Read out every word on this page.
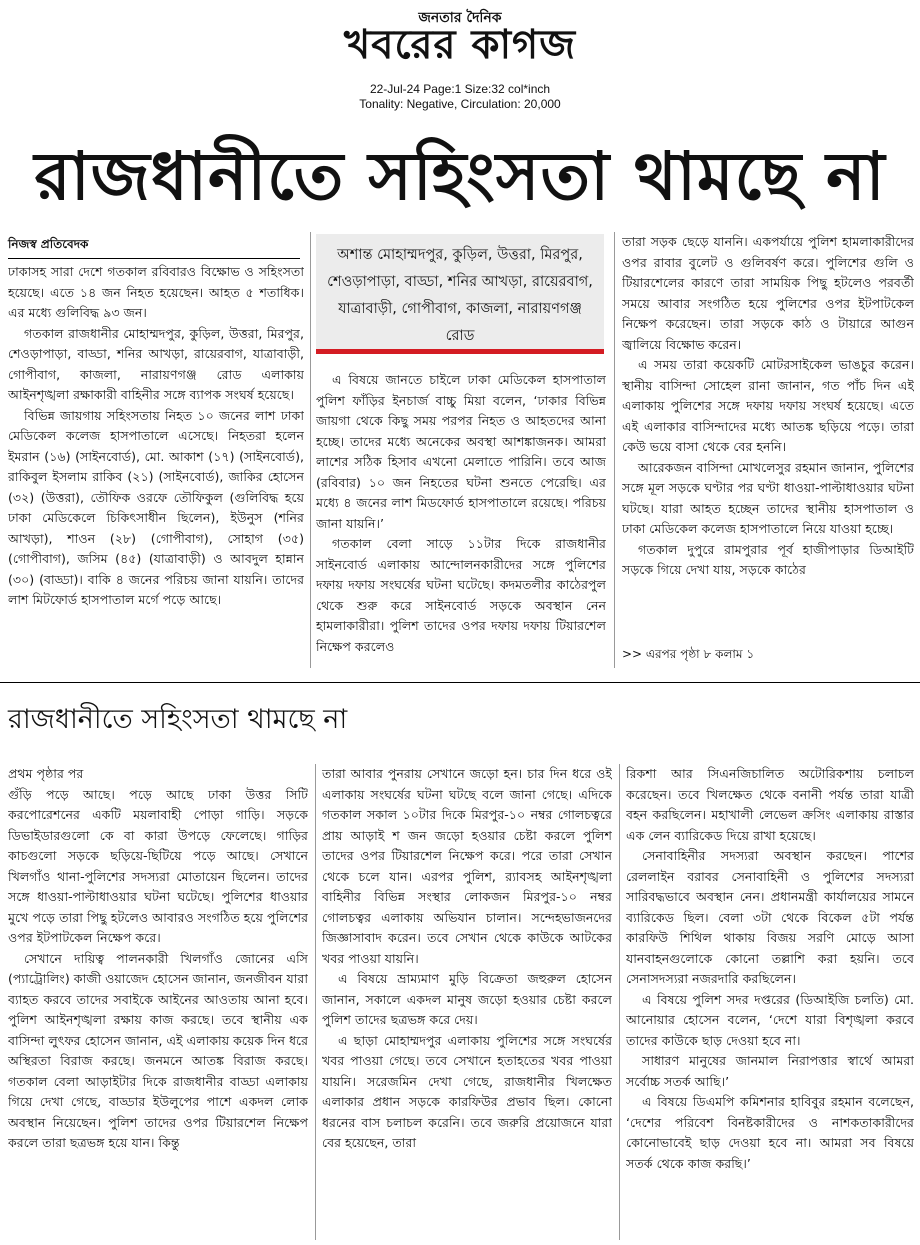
জনতার দৈনিক
খবরের কাগজ
22-Jul-24 Page:1 Size:32 col*inch
Tonality: Negative, Circulation: 20,000
রাজধানীতে সহিংসতা থামছে না
নিজস্ব প্রতিবেদক

ঢাকাসহ সারা দেশে গতকাল রবিবারও বিক্ষোভ ও সহিংসতা হয়েছে। এতে ১৪ জন নিহত হয়েছেন। আহত ৫ শতাধিক। এর মধ্যে গুলিবিদ্ধ ৯৩ জন।

গতকাল রাজধানীর মোহাম্মদপুর, কুড়িল, উত্তরা, মিরপুর, শেওড়াপাড়া, বাড্ডা, শনির আখড়া, রায়েরবাগ, যাত্রাবাড়ী, গোপীবাগ, কাজলা, নারায়ণগঞ্জ রোড এলাকায় আইনশৃঙ্খলা রক্ষাকারী বাহিনীর সঙ্গে ব্যাপক সংঘর্ষ হয়েছে।

বিভিন্ন জায়গায় সহিংসতায় নিহত ১০ জনের লাশ ঢাকা মেডিকেল কলেজ হাসপাতালে এসেছে। নিহতরা হলেন ইমরান (১৬) (সাইনবোর্ড), মো. আকাশ (১৭) (সাইনবোর্ড), রাকিবুল ইসলাম রাকিব (২১) (সাইনবোর্ড), জাকির হোসেন (৩২) (উত্তরা), তৌফিক ওরফে তৌফিকুল (গুলিবিদ্ধ হয়ে ঢাকা মেডিকেলে চিকিৎসাধীন ছিলেন), ইউনুস (শনির আখড়া), শাওন (২৮) (গোপীবাগ), সোহাগ (৩৫) (গোপীবাগ), জসিম (৪৫) (যাত্রাবাড়ী) ও আবদুল হান্নান (৩০) (বাড্ডা)। বাকি ৪ জনের পরিচয় জানা যায়নি। তাদের লাশ মিটফোর্ড হাসপাতাল মর্গে পড়ে আছে।

অশান্ত মোহাম্মদপুর, কুড়িল, উত্তরা, মিরপুর, শেওড়াপাড়া, বাড্ডা, শনির আখড়া, রায়েরবাগ, যাত্রাবাড়ী, গোপীবাগ, কাজলা, নারায়ণগঞ্জ রোড

এ বিষয়ে জানতে চাইলে ঢাকা মেডিকেল হাসপাতাল পুলিশ ফাঁড়ির ইনচার্জ বাচ্চু মিয়া বলেন, ‘ঢাকার বিভিন্ন জায়গা থেকে কিছু সময় পরপর নিহত ও আহতদের আনা হচ্ছে। তাদের মধ্যে অনেকের অবস্থা আশঙ্কাজনক। আমরা লাশের সঠিক হিসাব এখনো মেলাতে পারিনি। তবে আজ (রবিবার) ১০ জন নিহতের ঘটনা শুনতে পেরেছি। এর মধ্যে ৪ জনের লাশ মিডফোর্ড হাসপাতালে রয়েছে। পরিচয় জানা যায়নি।’

গতকাল বেলা সাড়ে ১১টার দিকে রাজধানীর সাইনবোর্ড এলাকায় আন্দোলনকারীদের সঙ্গে পুলিশের দফায় দফায় সংঘর্ষের ঘটনা ঘটেছে। কদমতলীর কাঠেরপুল থেকে শুরু করে সাইনবোর্ড সড়কে অবস্থান নেন হামলাকারীরা। পুলিশ তাদের ওপর দফায় দফায় টিয়ারশেল নিক্ষেপ করলেও

তারা সড়ক ছেড়ে যাননি। একপর্যায়ে পুলিশ হামলাকারীদের ওপর রাবার বুলেট ও গুলিবর্ষণ করে। পুলিশের গুলি ও টিয়ারশেলের কারণে তারা সাময়িক পিছু হটলেও পরবর্তী সময়ে আবার সংগঠিত হয়ে পুলিশের ওপর ইটপাটকেল নিক্ষেপ করেছেন। তারা সড়কে কাঠ ও টায়ারে আগুন জ্বালিয়ে বিক্ষোভ করেন।

এ সময় তারা কয়েকটি মোটরসাইকেল ভাঙচুর করেন। স্থানীয় বাসিন্দা সোহেল রানা জানান, গত পাঁচ দিন এই এলাকায় পুলিশের সঙ্গে দফায় দফায় সংঘর্ষ হয়েছে। এতে এই এলাকার বাসিন্দাদের মধ্যে আতঙ্ক ছড়িয়ে পড়ে। তারা কেউ ভয়ে বাসা থেকে বের হননি।

আরেকজন বাসিন্দা মোখলেসুর রহমান জানান, পুলিশের সঙ্গে মূল সড়কে ঘণ্টার পর ঘণ্টা ধাওয়া-পাল্টাধাওয়ার ঘটনা ঘটছে। যারা আহত হচ্ছেন তাদের স্থানীয় হাসপাতাল ও ঢাকা মেডিকেল কলেজ হাসপাতালে নিয়ে যাওয়া হচ্ছে।

গতকাল দুপুরে রামপুরার পূর্ব হাজীপাড়ার ডিআইটি সড়কে গিয়ে দেখা যায়, সড়কে কাঠের

>> এরপর পৃষ্ঠা ৮ কলাম ১
রাজধানীতে সহিংসতা থামছে না

প্রথম পৃষ্ঠার পর

গুঁড়ি পড়ে আছে। পড়ে আছে ঢাকা উত্তর সিটি করপোরেশনের একটি ময়লাবাহী পোড়া গাড়ি। সড়কে ডিভাইডারগুলো কে বা কারা উপড়ে ফেলেছে। গাড়ির কাচগুলো সড়কে ছড়িয়ে-ছিটিয়ে পড়ে আছে। সেখানে খিলগাঁও থানা-পুলিশের সদস্যরা মোতায়েন ছিলেন। তাদের সঙ্গে ধাওয়া-পাল্টাধাওয়ার ঘটনা ঘটেছে। পুলিশের ধাওয়ার মুখে পড়ে তারা পিছু হটলেও আবারও সংগঠিত হয়ে পুলিশের ওপর ইটপাটকেল নিক্ষেপ করে।

সেখানে দায়িত্ব পালনকারী খিলগাঁও জোনের এসি (প্যাট্রোলিং) কাজী ওয়াজেদ হোসেন জানান, জনজীবন যারা ব্যাহত করবে তাদের সবাইকে আইনের আওতায় আনা হবে। পুলিশ আইনশৃঙ্খলা রক্ষায় কাজ করছে। তবে স্থানীয় এক বাসিন্দা লুৎফর হোসেন জানান, এই এলাকায় কয়েক দিন ধরে অস্থিরতা বিরাজ করছে। জনমনে আতঙ্ক বিরাজ করছে। গতকাল বেলা আড়াইটার দিকে রাজধানীর বাড্ডা এলাকায় গিয়ে দেখা গেছে, বাড্ডার ইউলুপের পাশে একদল লোক অবস্থান নিয়েছেন। পুলিশ তাদের ওপর টিয়ারশেল নিক্ষেপ করলে তারা ছত্রভঙ্গ হয়ে যান। কিন্তু

তারা আবার পুনরায় সেখানে জড়ো হন। চার দিন ধরে ওই এলাকায় সংঘর্ষের ঘটনা ঘটছে বলে জানা গেছে। এদিকে গতকাল সকাল ১০টার দিকে মিরপুর-১০ নম্বর গোলচত্বরে প্রায় আড়াই শ জন জড়ো হওয়ার চেষ্টা করলে পুলিশ তাদের ওপর টিয়ারশেল নিক্ষেপ করে। পরে তারা সেখান থেকে চলে যান। এরপর পুলিশ, র‍্যাবসহ আইনশৃঙ্খলা বাহিনীর বিভিন্ন সংস্থার লোকজন মিরপুর-১০ নম্বর গোলচত্বর এলাকায় অভিযান চালান। সন্দেহভাজনদের জিজ্ঞাসাবাদ করেন। তবে সেখান থেকে কাউকে আটকের খবর পাওয়া যায়নি।

এ বিষয়ে ভ্রাম্যমাণ মুড়ি বিক্রেতা জহুরুল হোসেন জানান, সকালে একদল মানুষ জড়ো হওয়ার চেষ্টা করলে পুলিশ তাদের ছত্রভঙ্গ করে দেয়।

এ ছাড়া মোহাম্মদপুর এলাকায় পুলিশের সঙ্গে সংঘর্ষের খবর পাওয়া গেছে। তবে সেখানে হতাহতের খবর পাওয়া যায়নি। সরেজমিন দেখা গেছে, রাজধানীর খিলক্ষেত এলাকার প্রধান সড়কে কারফিউর প্রভাব ছিল। কোনো ধরনের বাস চলাচল করেনি। তবে জরুরি প্রয়োজনে যারা বের হয়েছেন, তারা

রিকশা আর সিএনজিচালিত অটোরিকশায় চলাচল করেছেন। তবে খিলক্ষেত থেকে বনানী পর্যন্ত তারা যাত্রী বহন করছিলেন। মহাখালী লেভেল ক্রসিং এলাকায় রাস্তার এক লেন ব্যারিকেড দিয়ে রাখা হয়েছে।

সেনাবাহিনীর সদস্যরা অবস্থান করছেন। পাশের রেললাইন বরাবর সেনাবাহিনী ও পুলিশের সদস্যরা সারিবদ্ধভাবে অবস্থান নেন। প্রধানমন্ত্রী কার্যালয়ের সামনে ব্যারিকেড ছিল। বেলা ৩টা থেকে বিকেল ৫টা পর্যন্ত কারফিউ শিথিল থাকায় বিজয় সরণি মোড়ে আসা যানবাহনগুলোকে কোনো তল্লাশি করা হয়নি। তবে সেনাসদস্যরা নজরদারি করছিলেন।

এ বিষয়ে পুলিশ সদর দপ্তরের (ডিআইজি চলতি) মো. আনোয়ার হোসেন বলেন, ‘দেশে যারা বিশৃঙ্খলা করবে তাদের কাউকে ছাড় দেওয়া হবে না।

সাধারণ মানুষের জানমাল নিরাপত্তার স্বার্থে আমরা সর্বোচ্চ সতর্ক আছি।’

এ বিষয়ে ডিএমপি কমিশনার হাবিবুর রহমান বলেছেন, ‘দেশের পরিবেশ বিনষ্টকারীদের ও নাশকতাকারীদের কোনোভাবেই ছাড় দেওয়া হবে না। আমরা সব বিষয়ে সতর্ক থেকে কাজ করছি।’
